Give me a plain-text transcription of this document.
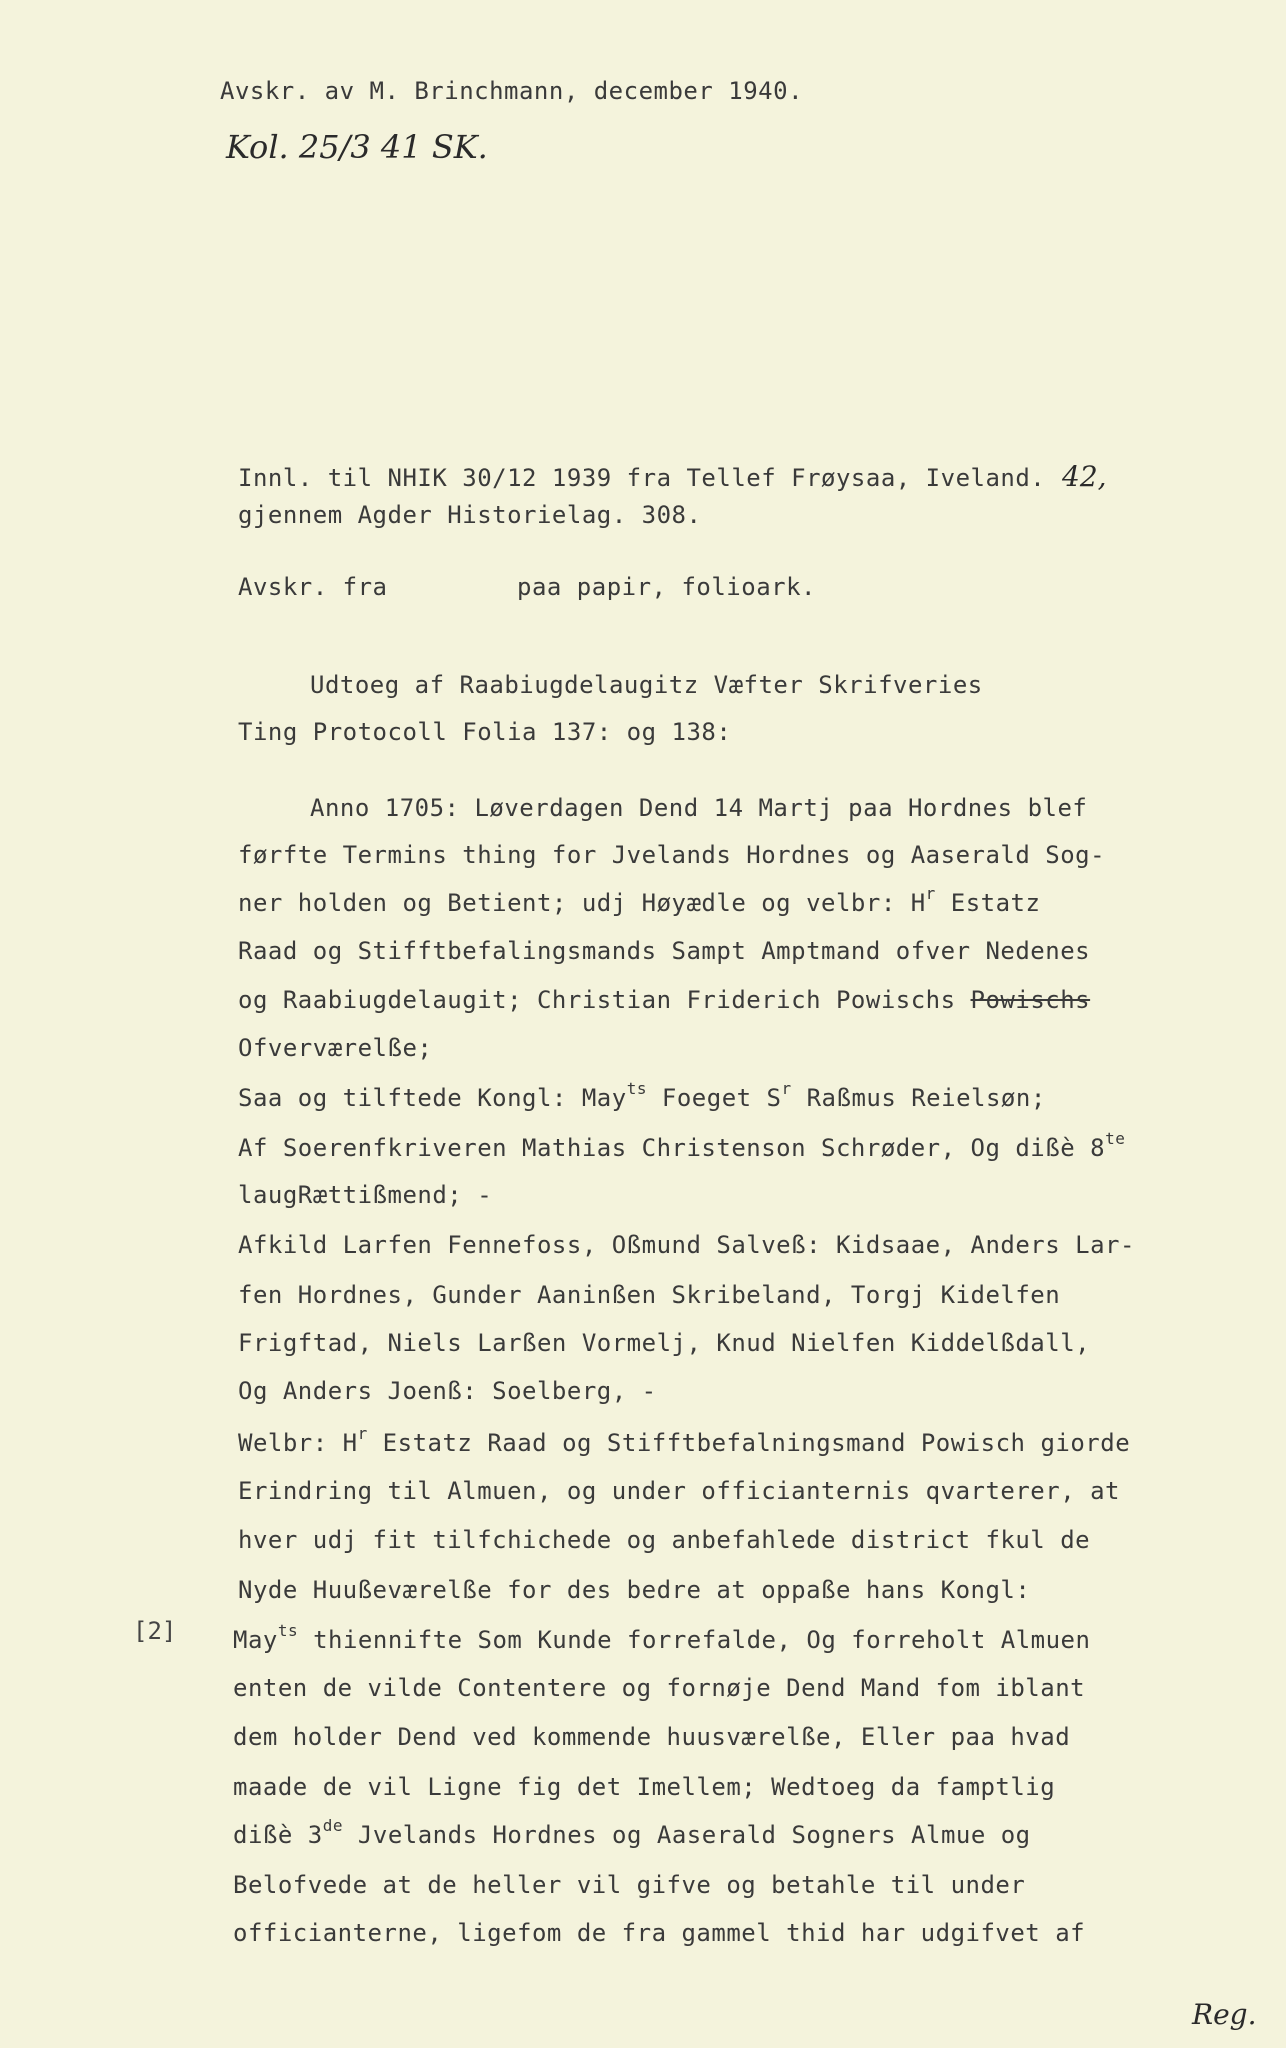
Avskr. av M. Brinchmann, december 1940.
Kol. 25/3 41 SK.
Innl. til NHIK 30/12 1939 fra Tellef Frøysaa, Iveland. 42,
gjennem Agder Historielag. 308.
Avskr. fra	paa papir, folioark.
Udtoeg af Raabiugdelaugitz Væfter Skrifveries
Ting Protocoll Folia 137: og 138:
Anno 1705: Løverdagen Dend 14 Martj paa Hordnes blef
førfte Termins thing for Jvelands Hordnes og Aaserald Sog-
ner holden og Betient; udj Høyædle og velbr: $H^r$ Estatz
Raad og Stifftbefalingsmands Sampt Amptmand ofver Nedenes
og Raabiugdelaugit; Christian Friderich Powischs Powischs
Ofverværelße;
Saa og tilftede Kongl: May$^{ts}$ Foeget $S^r$ Raßmus Reielsøn;
Af Soerenfkriveren Mathias Christenson Schrøder, Og dißè $8^{te}$
laugRættißmend; -
Afkild Larfen Fennefoss, Oßmund Salveß: Kidsaae, Anders Lar-
fen Hordnes, Gunder Aaninßen Skribeland, Torgj Kidelfen
Frigftad, Niels Larßen Vormelj, Knud Nielfen Kiddelßdall,
Og Anders Joenß: Soelberg, -
Welbr: $H^r$ Estatz Raad og Stifftbefalningsmand Powisch giorde
Erindring til Almuen, og under officianternis qvarterer, at
hver udj fit tilfchichede og anbefahlede district fkul de
Nyde Huußeværelße for des bedre at oppaße hans Kongl:
May$^{ts}$ thiennifte Som Kunde forrefalde, Og forreholt Almuen
enten de vilde Contentere og fornøje Dend Mand fom iblant
dem holder Dend ved kommende huusværelße, Eller paa hvad
maade de vil Ligne fig det Imellem; Wedtoeg da famptlig
dißè 3de Jvelands Hordnes og Aaserald Sogners Almue og
Belofvede at de heller vil gifve og betahle til under
officianterne, ligefom de fra gammel thid har udgifvet af
[2]
Reg.
